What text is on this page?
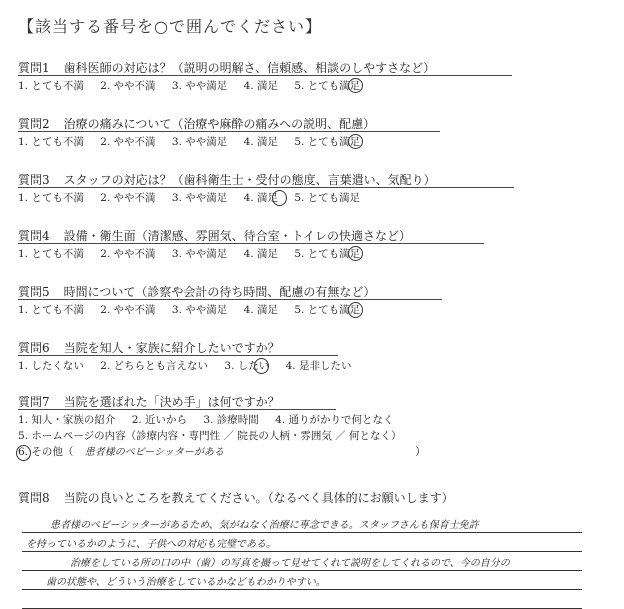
【該当する番号を○で囲んでください】
質問1 歯科医師の対応は？（説明の明解さ、信頼感、相談のしやすさなど）
1. とても不満 2. やや不満 3. やや満足 4. 満足 5. とても満足
質問2 治療の痛みについて（治療や麻酔の痛みへの説明、配慮）
1. とても不満 2. やや不満 3. やや満足 4. 満足 5. とても満足
質問3 スタッフの対応は？（歯科衛生士・受付の態度、言葉遣い、気配り）
1. とても不満 2. やや不満 3. やや満足 4. 満足 5. とても満足
質問4 設備・衛生面（清潔感、雰囲気、待合室・トイレの快適さなど）
1. とても不満 2. やや不満 3. やや満足 4. 満足 5. とても満足
質問5 時間について（診察や会計の待ち時間、配慮の有無など）
1. とても不満 2. やや不満 3. やや満足 4. 満足 5. とても満足
質問6 当院を知人・家族に紹介したいですか？
1. したくない 2. どちらとも言えない 3. したい 4. 是非したい
質問7 当院を選ばれた「決め手」は何ですか？
1. 知人・家族の紹介 2. 近いから 3. 診療時間 4. 通りがかりで何となく
5. ホームページの内容（診療内容・専門性 ／ 院長の人柄・雰囲気 ／ 何となく）
6. その他（ 患者様のペビーシッターがある	）
質問8 当院の良いところを教えてください。（なるべく具体的にお願いします）
患者様のペビーシッターがあるため、気がねなく治療に専念できる。スタッフさんも保育士免許
を持っているかのように、子供への対応も完璧である。
治療をしている所の口の中（歯）の写真を撮って見せてくれて説明をしてくれるので、今の自分の
歯の状態や、どういう治療をしているかなどもわかりやすい。
